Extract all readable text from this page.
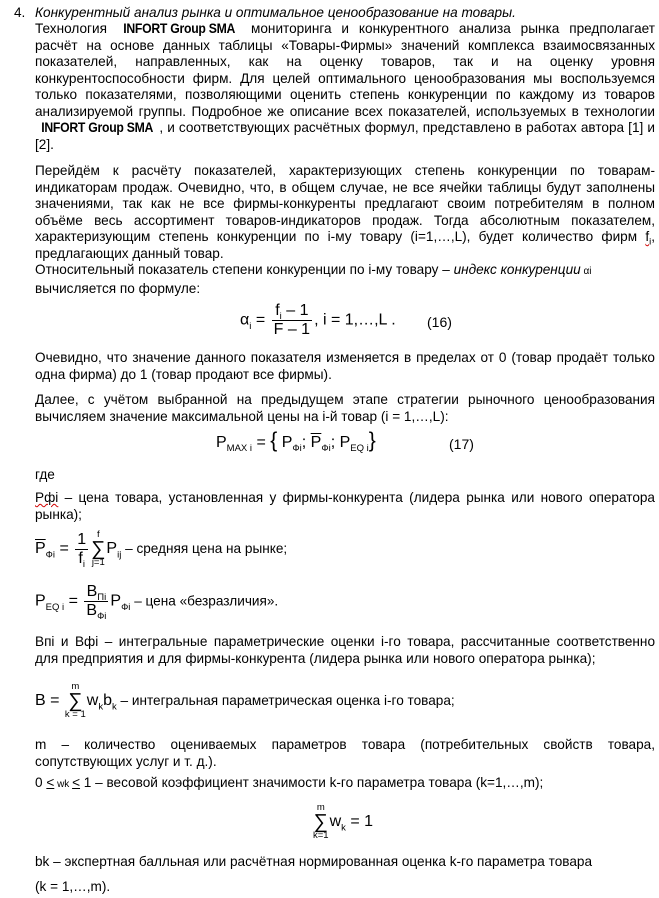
4. Конкурентный анализ рынка и оптимальное ценообразование на товары.
Технология INFORT Group SMA мониторинга и конкурентного анализа рынка предполагает расчёт на основе данных таблицы «Товары-Фирмы» значений комплекса взаимосвязанных показателей, направленных, как на оценку товаров, так и на оценку уровня конкурентоспособности фирм. Для целей оптимального ценообразования мы воспользуемся только показателями, позволяющими оценить степень конкуренции по каждому из товаров анализируемой группы. Подробное же описание всех показателей, используемых в технологии INFORT Group SMA , и соответствующих расчётных формул, представлено в работах автора [1] и [2].
Перейдём к расчёту показателей, характеризующих степень конкуренции по товарам-индикаторам продаж. Очевидно, что, в общем случае, не все ячейки таблицы будут заполнены значениями, так как не все фирмы-конкуренты предлагают своим потребителям в полном объёме весь ассортимент товаров-индикаторов продаж. Тогда абсолютным показателем, характеризующим степень конкуренции по i-му товару (i=1,…,L), будет количество фирм $f_i$, предлагающих данный товар.
Относительный показатель степени конкуренции по i-му товару – индекс конкуренции αi
вычисляется по формуле:
$\alpha_i = \frac{f_i - 1}{F - 1}$ , i = 1,…,L . (16)
Очевидно, что значение данного показателя изменяется в пределах от 0 (товар продаёт только одна фирма) до 1 (товар продают все фирмы).
Далее, с учётом выбранной на предыдущем этапе стратегии рыночного ценообразования вычисляем значение максимальной цены на i-й товар (i = 1,…,L):
$P_{MAX i}$ = { $P_{Фi}$; $\overline{P}_{Фi}$; $P_{EQ i}$}	(17)
где
Рфi – цена товара, установленная у фирмы-конкурента (лидера рынка или нового оператора рынка);
$\overline{P}_{Фi} = \frac{1}{f_i}$ f
∑
j=1
$P_{ij}$ – средняя цена на рынке;
$P_{EQ i} = \frac{B_{Пi}}{B_{Фi}} P_{Фi}$ – цена «безразличия».
Впi и Вфi – интегральные параметрические оценки i-го товара, рассчитанные соответственно для предприятия и для фирмы-конкурента (лидера рынка или нового оператора рынка);
B =
m
∑
k = 1
$w_kb_k$ – интегральная параметрическая оценка i-го товара;
m – количество оцениваемых параметров товара (потребительных свойств товара, сопутствующих услуг и т. д.).
0 < wk < 1 – весовой коэффициент значимости k-го параметра товара (k=1,…,m);
m
∑
k=1
$w_k = 1$
bk – экспертная балльная или расчётная нормированная оценка k-го параметра товара
(k = 1,…,m).
